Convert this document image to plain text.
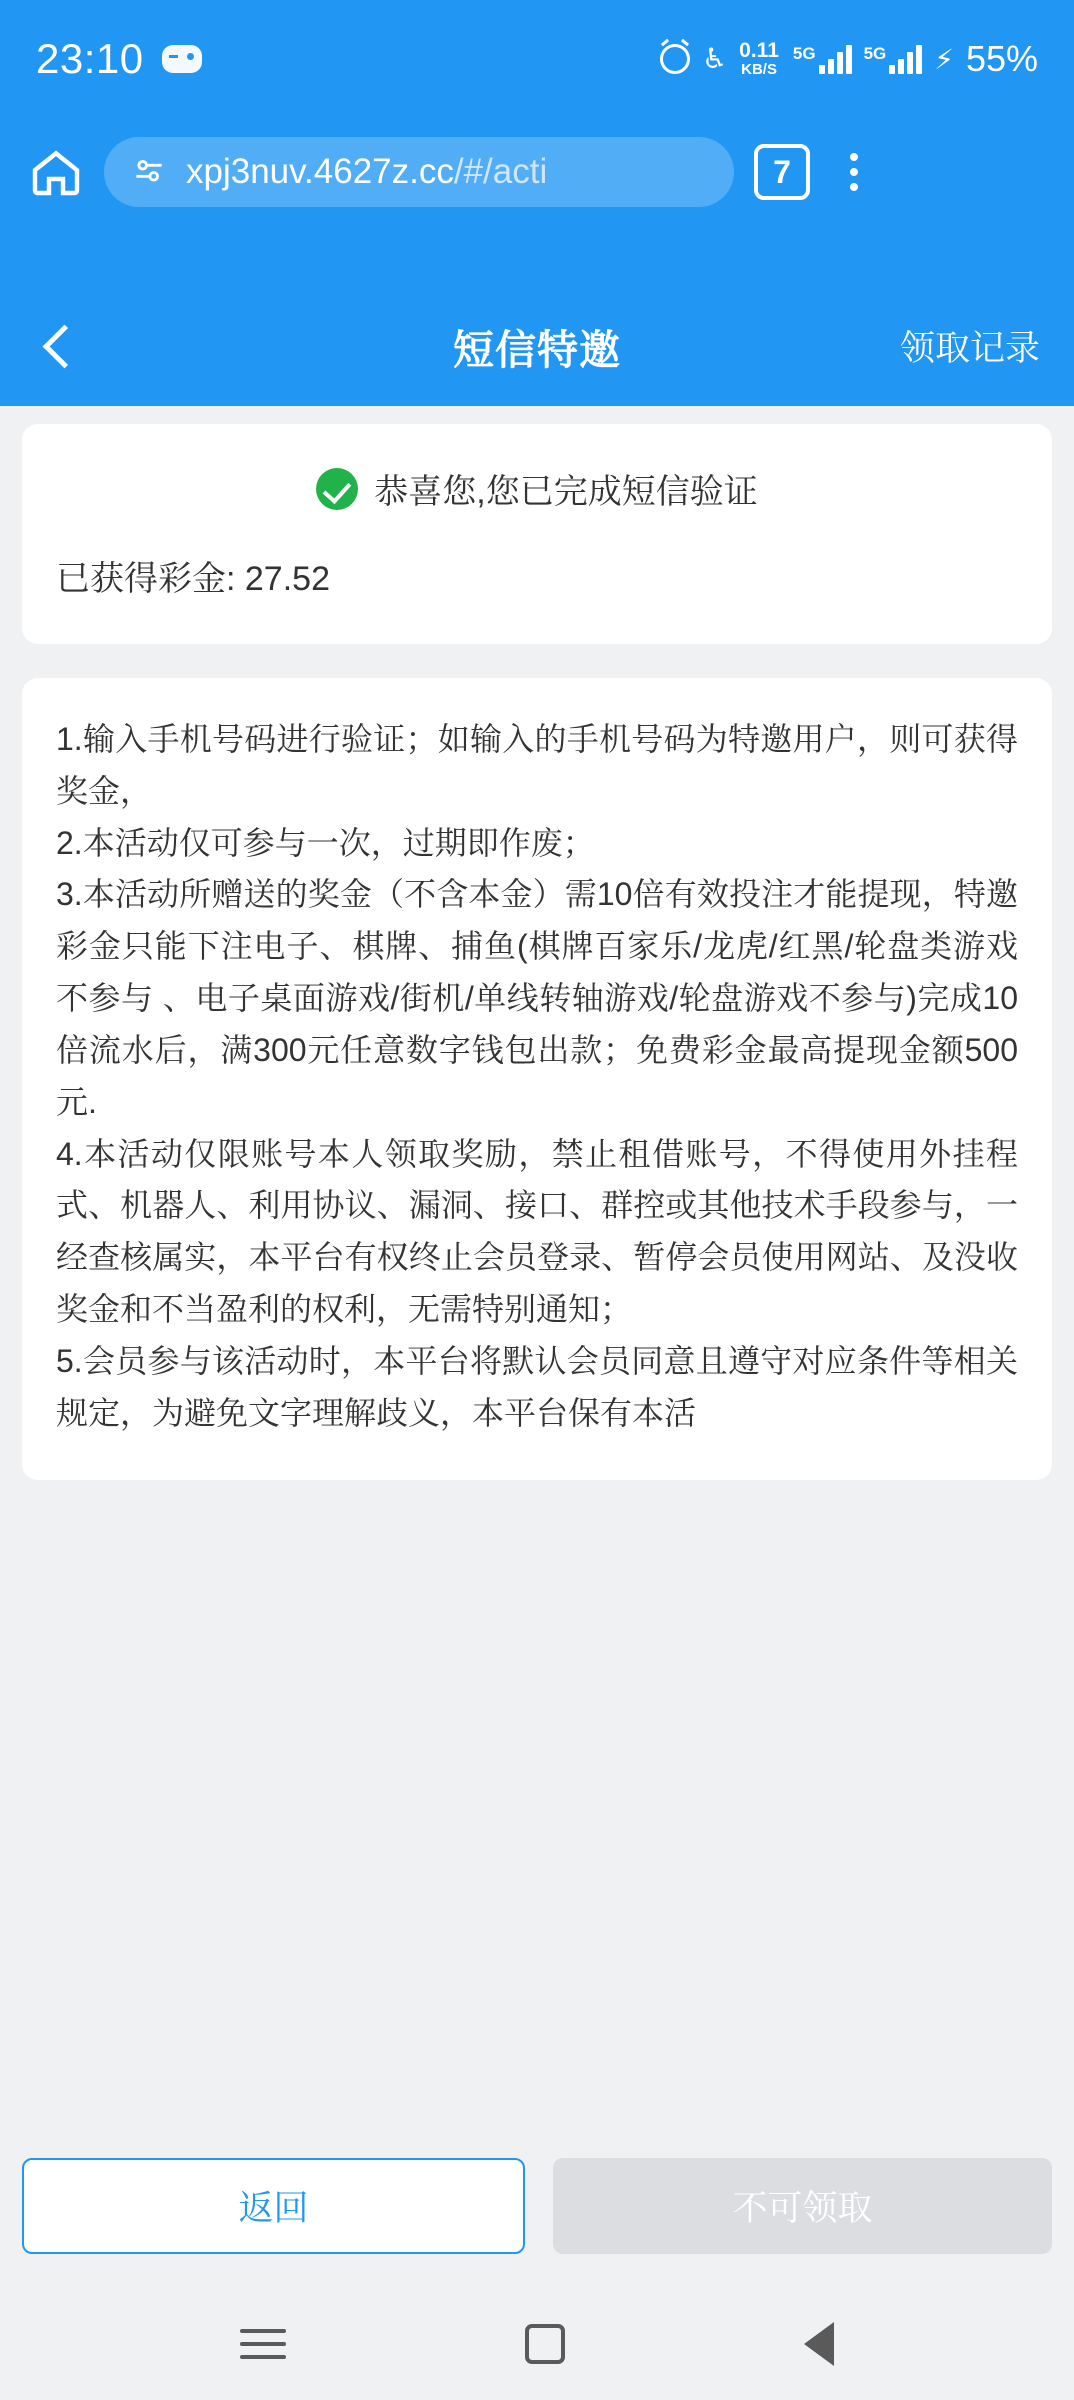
23:10	♿ 0.11
KB/S
5G	5G ⚡ 55%
xpj3nuv.4627z.cc/#/acti	7
短信特邀	领取记录
恭喜您,您已完成短信验证
已获得彩金: 27.52

1.输入手机号码进行验证；如输入的手机号码为特邀用户，则可获得奖金，

2.本活动仅可参与一次，过期即作废；

3.本活动所赠送的奖金（不含本金）需10倍有效投注才能提现，特邀彩金只能下注电子、棋牌、捕鱼(棋牌百家乐/龙虎/红黑/轮盘类游戏不参与 、电子桌面游戏/街机/单线转轴游戏/轮盘游戏不参与)完成10倍流水后，满300元任意数字钱包出款；免费彩金最高提现金额500元.

4.本活动仅限账号本人领取奖励，禁止租借账号，不得使用外挂程式、机器人、利用协议、漏洞、接口、群控或其他技术手段参与，一经查核属实，本平台有权终止会员登录、暂停会员使用网站、及没收奖金和不当盈利的权利，无需特别通知；

5.会员参与该活动时，本平台将默认会员同意且遵守对应条件等相关规定，为避免文字理解歧义，本平台保有本活

返回	不可领取
